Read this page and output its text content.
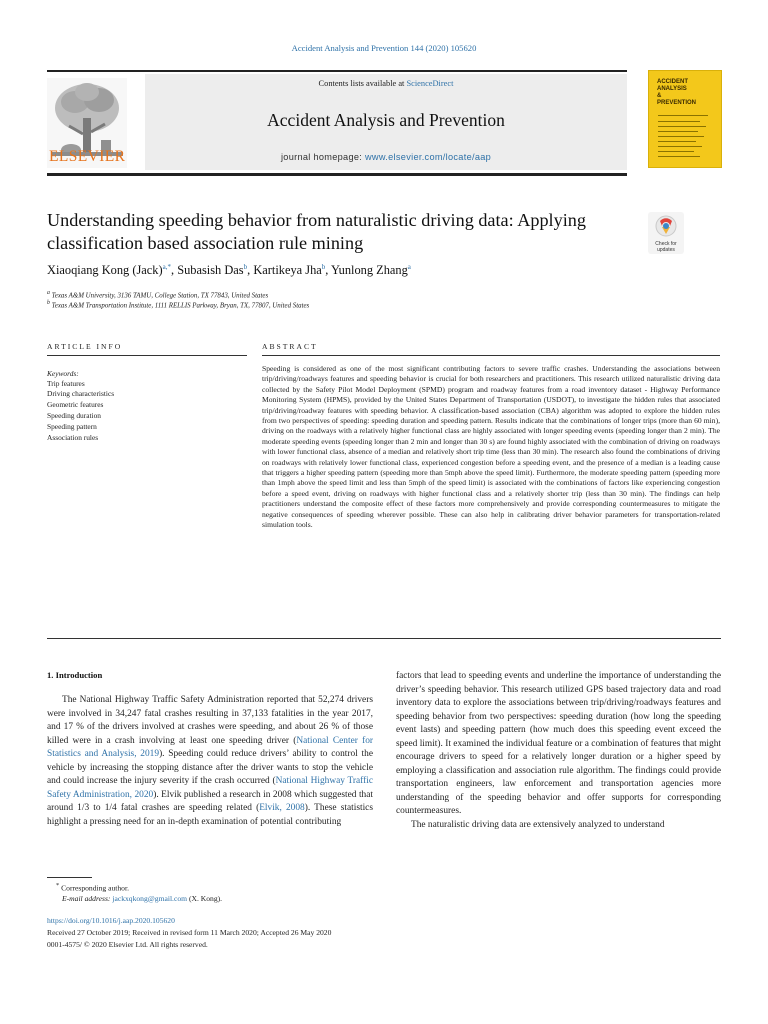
Accident Analysis and Prevention 144 (2020) 105620
Contents lists available at ScienceDirect
Accident Analysis and Prevention
journal homepage: www.elsevier.com/locate/aap
ACCIDENT
ANALYSIS
&
PREVENTION
ELSEVIER
Understanding speeding behavior from naturalistic driving data: Applying classification based association rule mining	Check for
updates
Xiaoqiang Kong (Jack)$^{a,*}$, Subasish Das$^b$, Kartikeya Jha$^b$, Yunlong Zhang$^a$
$^a$ Texas A&M University, 3136 TAMU, College Station, TX 77843, United States
$^b$ Texas A&M Transportation Institute, 1111 RELLIS Parkway, Bryan, TX, 77807, United States
ARTICLE INFO
Keywords:
Trip features
Driving characteristics
Geometric features
Speeding duration
Speeding pattern
Association rules
ABSTRACT
Speeding is considered as one of the most significant contributing factors to severe traffic crashes. Understanding the associations between trip/driving/roadways features and speeding behavior is crucial for both researchers and practitioners. This research utilized naturalistic driving data collected by the Safety Pilot Model Deployment (SPMD) program and roadway features from a road inventory dataset - Highway Performance Monitoring System (HPMS), provided by the United States Department of Transportation (USDOT), to investigate the hidden rules that associated trip/driving/roadway features with speeding behavior. A classification-based association (CBA) algorithm was adopted to explore the hidden rules from two perspectives of speeding: speeding duration and speeding pattern. Results indicate that the combinations of longer trips (more than 60 min), driving on the roadways with a relatively higher functional class are highly associated with longer speeding events (speeding longer than 2 min). The moderate speeding events (speeding longer than 2 min and longer than 30 s) are found highly associated with the combination of driving on roadways with lower functional class, absence of a median and relatively short trip time (less than 30 min). The research also found the combinations of driving on roadways with relatively lower functional class, experienced congestion before a speeding event, and the presence of a median is a leading cause that triggers a higher speeding pattern (speeding more than 5mph above the speed limit). Furthermore, the moderate speeding pattern (speeding more than 1mph above the speed limit and less than 5mph of the speed limit) is associated with the combinations of factors like experiencing congestion before a speed event, driving on roadways with higher functional class and a relatively shorter trip (less than 30 min). The findings can help practitioners understand the composite effect of these factors more comprehensively and provide corresponding countermeasures to mitigate the negative consequences of speeding wherever possible. These can also help in calibrating driver behavior parameters for transportation-related simulation tools.
1. Introduction

The National Highway Traffic Safety Administration reported that 52,274 drivers were involved in 34,247 fatal crashes resulting in 37,133 fatalities in the year 2017, and 17 % of the drivers involved at crashes were speeding, and about 26 % of those killed were in a crash involving at least one speeding driver (National Center for Statistics and Analysis, 2019). Speeding could reduce drivers’ ability to control the vehicle by increasing the stopping distance after the driver wants to stop the vehicle and could increase the injury severity if the crash occurred (National Highway Traffic Safety Administration, 2020). Elvik published a research in 2008 which suggested that around 1/3 to 1/4 fatal crashes are speeding related (Elvik, 2008). These statistics highlight a pressing need for an in-depth examination of potential contributing

factors that lead to speeding events and underline the importance of understanding the driver’s speeding behavior. This research utilized GPS based trajectory data and road inventory data to explore the associations between trip/driving/roadways features and speeding behavior from two perspectives: speeding duration (how long the speeding event lasts) and speeding pattern (how much does this speeding event exceed the speed limit). It examined the individual feature or a combination of features that might encourage drivers to speed for a relatively longer duration or a higher speed by employing a classification and association rule algorithm. The findings could provide transportation engineers, law enforcement and transportation agencies more understanding of the speeding behavior and offer supports for corresponding countermeasures.

The naturalistic driving data are extensively analyzed to understand

* Corresponding author.
E-mail address: jackxqkong@gmail.com (X. Kong).
https://doi.org/10.1016/j.aap.2020.105620
Received 27 October 2019; Received in revised form 11 March 2020; Accepted 26 May 2020
0001-4575/ © 2020 Elsevier Ltd. All rights reserved.
